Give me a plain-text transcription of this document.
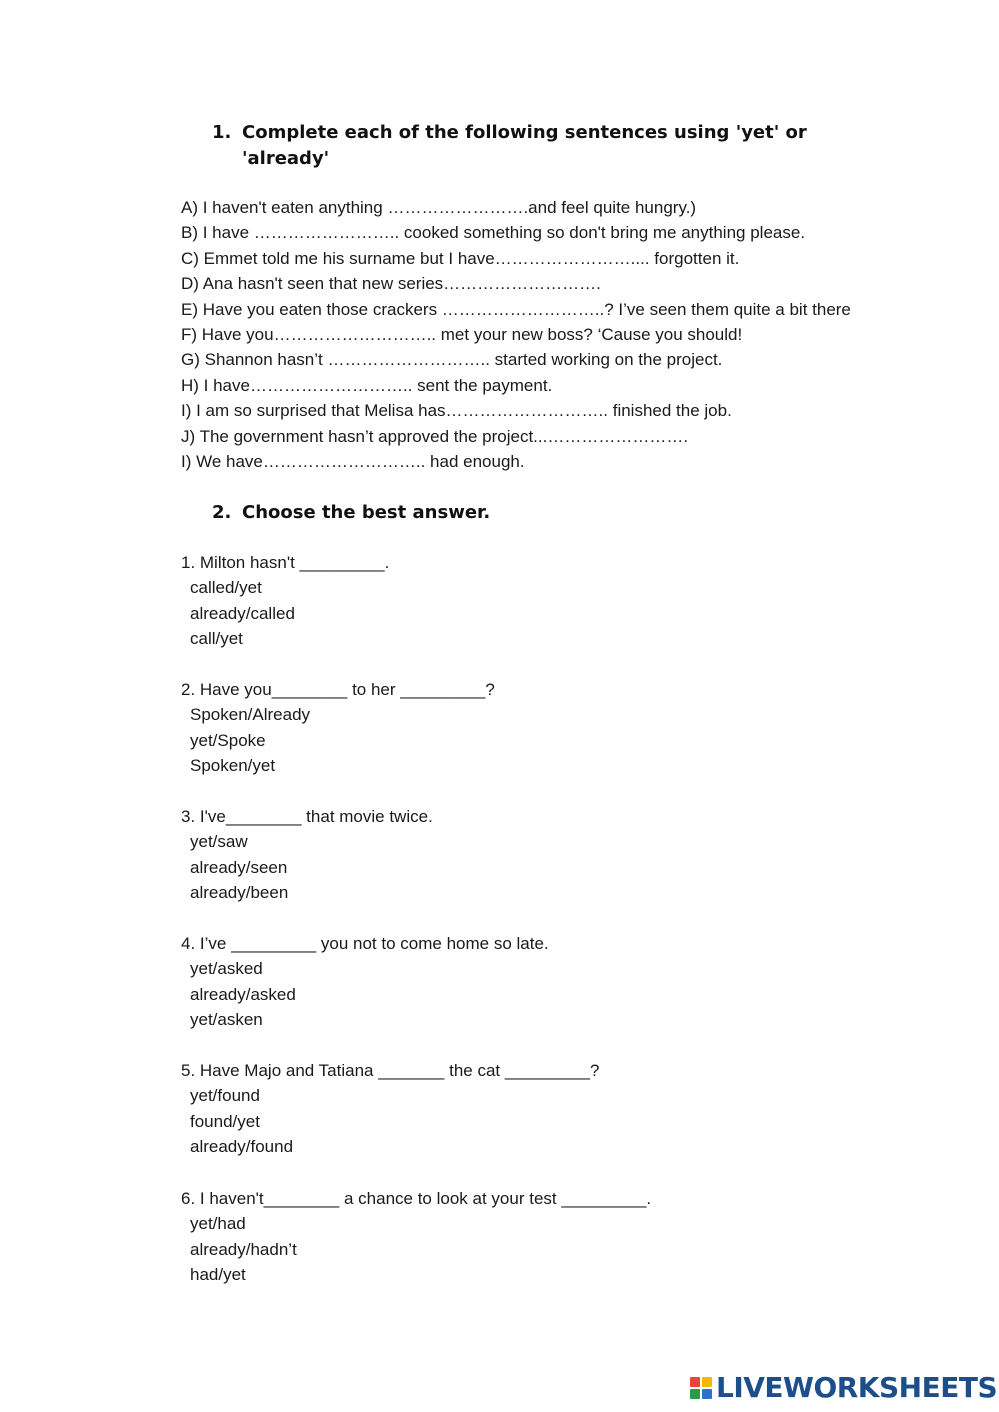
1. Complete each of the following sentences using 'yet' or 'already'
A) I haven't eaten anything …………………….and feel quite hungry.)
B) I have …………………….. cooked something so don't bring me anything please.
C) Emmet told me his surname but I have…………………….... forgotten it.
D) Ana hasn't seen that new series……………………….
E) Have you eaten those crackers ………………………..? I’ve seen them quite a bit there
F) Have you……………………….. met your new boss? ‘Cause you should!
G) Shannon hasn’t ……………………….. started working on the project.
H) I have……………………….. sent the payment.
I) I am so surprised that Melisa has……………………….. finished the job.
J) The government hasn’t approved the project...…………………….
I) We have……………………….. had enough.
2. Choose the best answer.
1. Milton hasn't _________.
called/yet
already/called
call/yet
2. Have you________ to her _________?
Spoken/Already
yet/Spoke
Spoken/yet
3. I've________ that movie twice.
yet/saw
already/seen
already/been
4. I’ve _________ you not to come home so late.
yet/asked
already/asked
yet/asken
5. Have Majo and Tatiana _______ the cat _________?
yet/found
found/yet
already/found
6. I haven't________ a chance to look at your test _________.
yet/had
already/hadn’t
had/yet
LIVEWORKSHEETS
